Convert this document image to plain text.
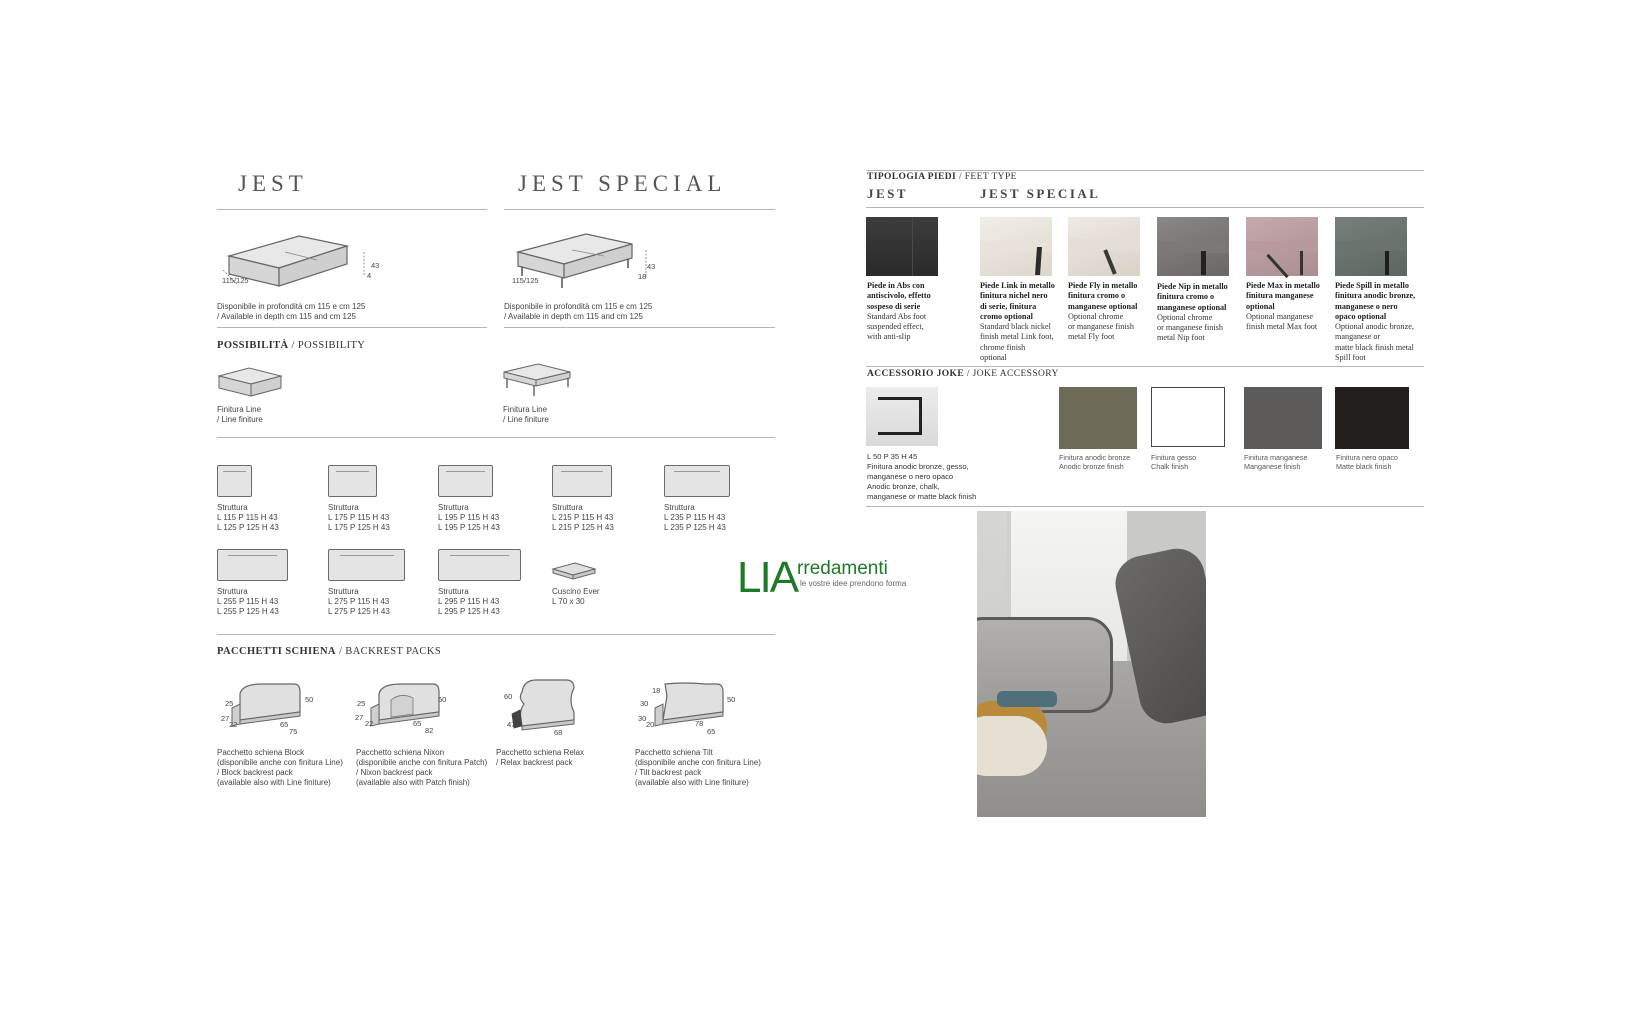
JEST	JEST SPECIAL
115/125
43
4
115/125
43
18
Disponibile in profondità cm 115 e cm 125
/ Available in depth cm 115 and cm 125
Disponibile in profondità cm 115 e cm 125
/ Available in depth cm 115 and cm 125
POSSIBILITÀ / POSSIBILITY
Finitura Line
/ Line finiture
Finitura Line
/ Line finiture
Struttura
L 115 P 115 H 43
L 125 P 125 H 43
Struttura
L 175 P 115 H 43
L 175 P 125 H 43
Struttura
L 195 P 115 H 43
L 195 P 125 H 43
Struttura
L 215 P 115 H 43
L 215 P 125 H 43
Struttura
L 235 P 115 H 43
L 235 P 125 H 43
Struttura
L 255 P 115 H 43
L 255 P 125 H 43
Struttura
L 275 P 115 H 43
L 275 P 125 H 43
Struttura
L 295 P 115 H 43
L 295 P 125 H 43
Cuscino Ever
L 70 x 30
PACCHETTI SCHIENA / BACKREST PACKS
25
27
22	65
75
50	25
27
22	65
82
50	60
47
68
18
30
30
20	78
65
50
Pacchetto schiena Block
(disponibile anche con finitura Line)
/ Block backrest pack
(available also with Line finiture)
Pacchetto schiena Nixon
(disponibile anche con finitura Patch)
/ Nixon backrest pack
(available also with Patch finish)
Pacchetto schiena Relax
/ Relax backrest pack
Pacchetto schiena Tilt
(disponibile anche con finitura Line)
/ Tilt backrest pack
(available also with Line finiture)
LIArredamenti
le vostre idee prendono forma
TIPOLOGIA PIEDI / FEET TYPE
JEST	JEST SPECIAL
Piede in Abs con
antiscivolo, effetto
sospeso di serie
Standard Abs foot
suspended effect,
with anti-slip
Piede Link in metallo
finitura nichel nero
di serie, finitura
cromo optional
Standard black nickel
finish metal Link foot,
chrome finish
optional
Piede Fly in metallo
finitura cromo o
manganese optional
Optional chrome
or manganese finish
metal Fly foot
Piede Nip in metallo
finitura cromo o
manganese optional
Optional chrome
or manganese finish
metal Nip foot
Piede Max in metallo
finitura manganese
optional
Optional manganese
finish metal Max foot
Piede Spill in metallo
finitura anodic bronze,
manganese o nero
opaco optional
Optional anodic bronze,
manganese or
matte black finish metal
Spill foot
ACCESSORIO JOKE / JOKE ACCESSORY
L 50 P 35 H 45
Finitura anodic bronze, gesso,
manganese o nero opaco
Anodic bronze, chalk,
manganese or matte black finish
Finitura anodic bronze
Anodic bronze finish
Finitura gesso
Chalk finish
Finitura manganese
Manganese finish
Finitura nero opaco
Matte black finish
